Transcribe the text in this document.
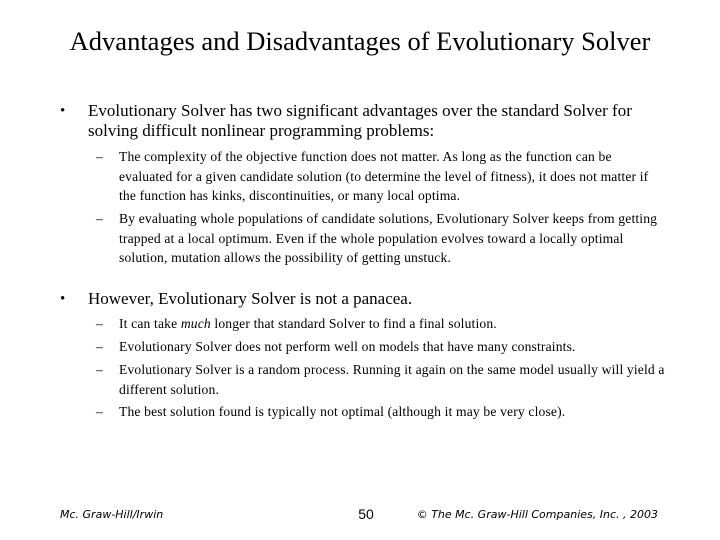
Advantages and Disadvantages of Evolutionary Solver
• Evolutionary Solver has two significant advantages over the standard Solver for solving difficult nonlinear programming problems:
– The complexity of the objective function does not matter. As long as the function can be evaluated for a given candidate solution (to determine the level of fitness), it does not matter if the function has kinks, discontinuities, or many local optima.
– By evaluating whole populations of candidate solutions, Evolutionary Solver keeps from getting trapped at a local optimum. Even if the whole population evolves toward a locally optimal solution, mutation allows the possibility of getting unstuck.
• However, Evolutionary Solver is not a panacea.
– It can take much longer that standard Solver to find a final solution.
– Evolutionary Solver does not perform well on models that have many constraints.
– Evolutionary Solver is a random process. Running it again on the same model usually will yield a different solution.
– The best solution found is typically not optimal (although it may be very close).
Mc. Graw-Hill/Irwin	50	© The Mc. Graw-Hill Companies, Inc. , 2003
